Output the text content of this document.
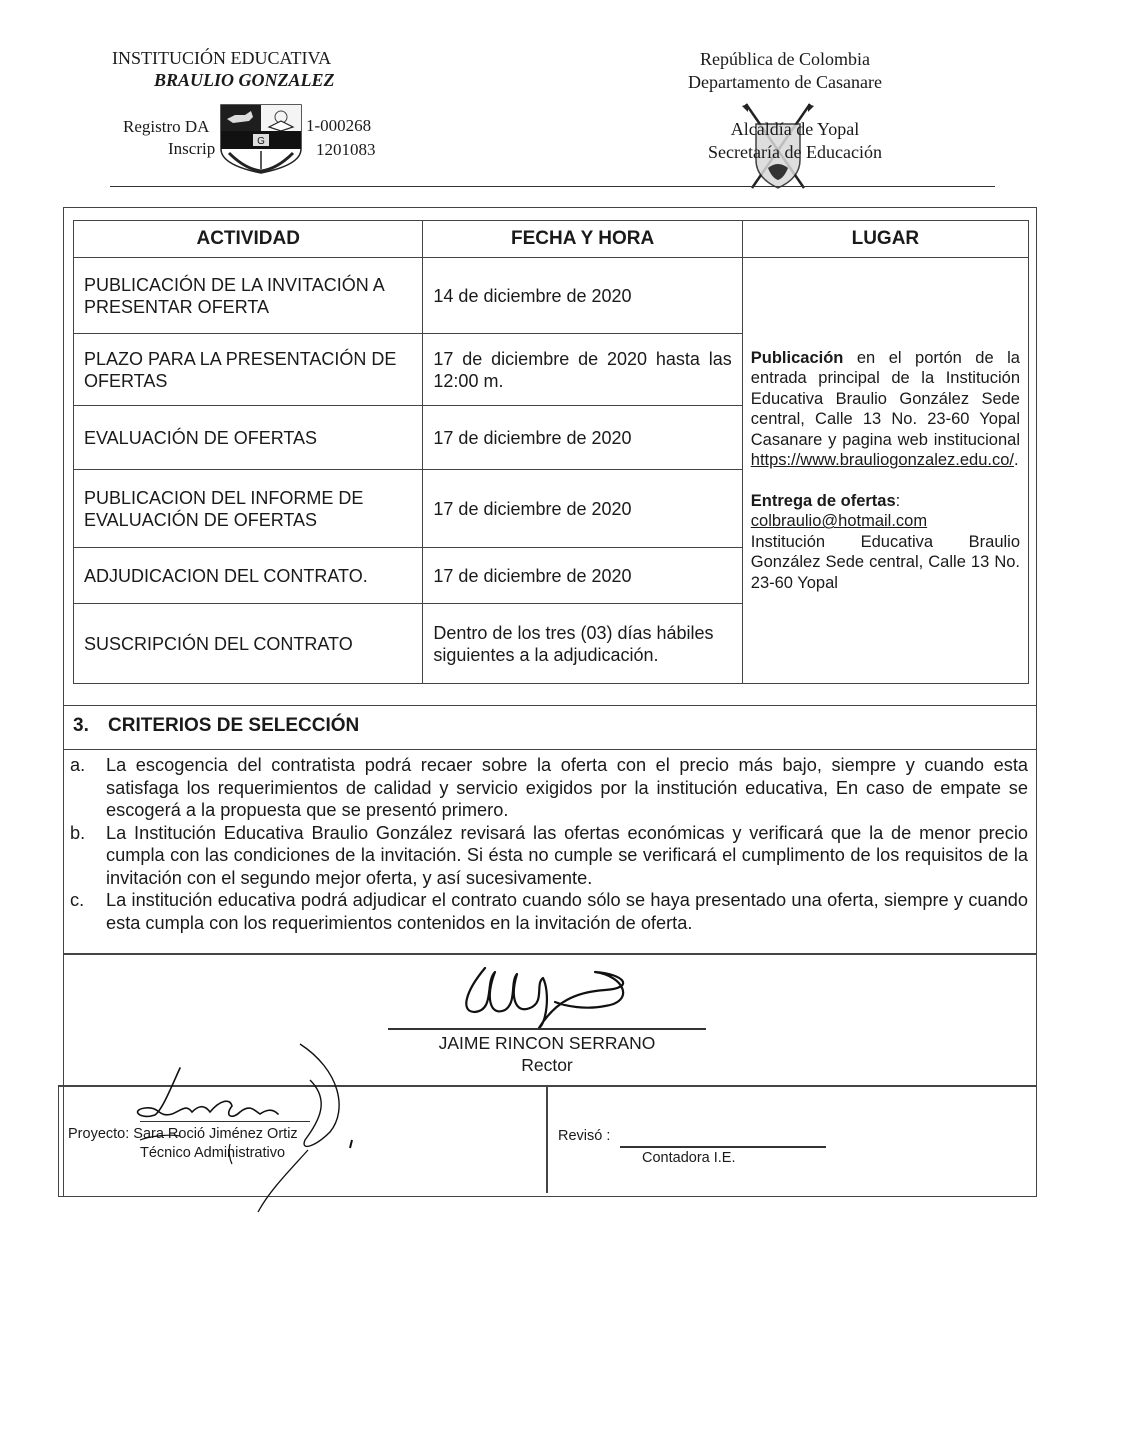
INSTITUCIÓN EDUCATIVA
BRAULIO GONZALEZ
Registro DA
Inscrip
1-000268
1201083
G
República de Colombia
Departamento de Casanare
Alcaldía de Yopal
Secretaría de Educación
ACTIVIDAD	FECHA Y HORA	LUGAR
PUBLICACIÓN DE LA INVITACIÓN A PRESENTAR OFERTA	14 de diciembre de 2020	Publicación en el portón de la entrada principal de la Institución Educativa Braulio González Sede central, Calle 13 No. 23-60 Yopal Casanare y pagina web institucional https://www.brauliogonzalez.edu.co/.

Entrega de ofertas:

colbraulio@hotmail.com

Institución Educativa Braulio González Sede central, Calle 13 No. 23-60 Yopal

PLAZO PARA LA PRESENTACIÓN DE OFERTAS	17 de diciembre de 2020 hasta las 12:00 m.	
EVALUACIÓN DE OFERTAS	17 de diciembre de 2020	
PUBLICACION DEL INFORME DE EVALUACIÓN DE OFERTAS	17 de diciembre de 2020	
ADJUDICACION DEL CONTRATO.	17 de diciembre de 2020	
SUSCRIPCIÓN DEL CONTRATO	Dentro de los tres (03) días hábiles siguientes a la adjudicación.	
3. CRITERIOS DE SELECCIÓN
a.	La escogencia del contratista podrá recaer sobre la oferta con el precio más bajo, siempre y cuando esta satisfaga los requerimientos de calidad y servicio exigidos por la institución educativa, En caso de empate se escogerá a la propuesta que se presentó primero.
b.	La Institución Educativa Braulio González revisará las ofertas económicas y verificará que la de menor precio cumpla con las condiciones de la invitación. Si ésta no cumple se verificará el cumplimento de los requisitos de la invitación con el segundo mejor oferta, y así sucesivamente.
c.	La institución educativa podrá adjudicar el contrato cuando sólo se haya presentado una oferta, siempre y cuando esta cumpla con los requerimientos contenidos en la invitación de oferta.
JAIME RINCON SERRANO
Rector
Proyecto: Sara Roció Jiménez Ortiz
Técnico Administrativo
Revisó :
Contadora I.E.
